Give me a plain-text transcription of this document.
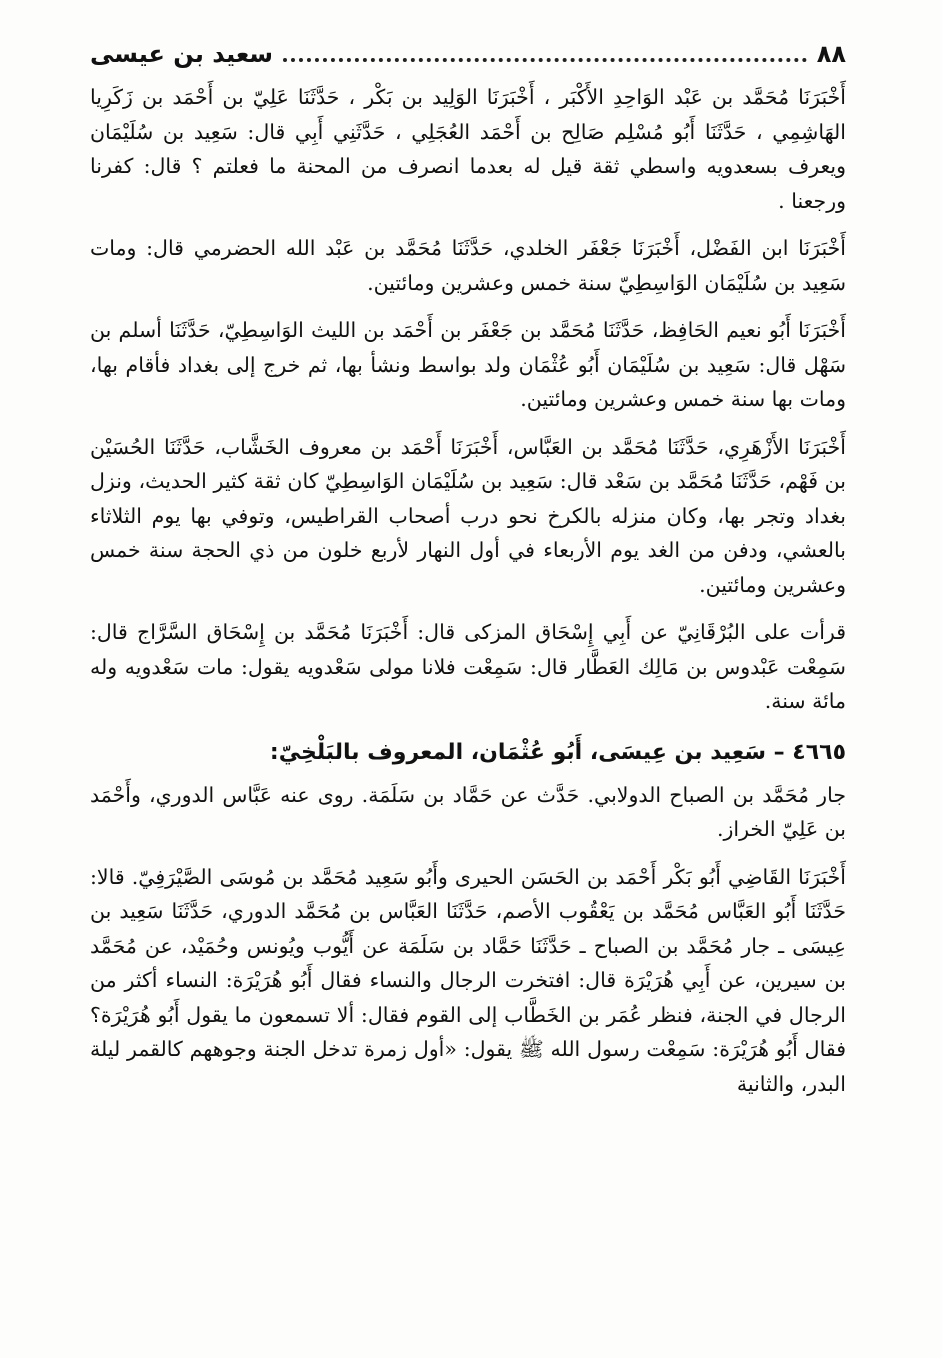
٨٨
سعيد بن عيسى

أَخْبَرَنَا مُحَمَّد بن عَبْد الوَاحِدِ الأَكْبَر ، أَخْبَرَنَا الوَلِيد بن بَكْر ، حَدَّثَنَا عَلِيّ بن أَحْمَد بن زَكَرِيا الهَاشِمِي ، حَدَّثَنَا أَبُو مُسْلِم صَالِح بن أَحْمَد العُجَلِي ، حَدَّثَنِي أَبِي قال: سَعِيد بن سُلَيْمَان ويعرف بسعدويه واسطي ثقة قيل له بعدما انصرف من المحنة ما فعلتم ؟ قال: كفرنا ورجعنا .

أَخْبَرَنَا ابن الفَضْل، أَخْبَرَنَا جَعْفَر الخلدي، حَدَّثَنَا مُحَمَّد بن عَبْد الله الحضرمي قال: ومات سَعِيد بن سُلَيْمَان الوَاسِطِيّ سنة خمس وعشرين ومائتين.

أَخْبَرَنَا أَبُو نعيم الحَافِظ، حَدَّثَنَا مُحَمَّد بن جَعْفَر بن أَحْمَد بن الليث الوَاسِطِيّ، حَدَّثَنَا أسلم بن سَهْل قال: سَعِيد بن سُلَيْمَان أَبُو عُثْمَان ولد بواسط ونشأ بها، ثم خرج إلى بغداد فأقام بها، ومات بها سنة خمس وعشرين ومائتين.

أَخْبَرَنَا الأَزْهَرِي، حَدَّثَنَا مُحَمَّد بن العَبَّاس، أَخْبَرَنَا أَحْمَد بن معروف الخَشَّاب، حَدَّثَنَا الحُسَيْن بن فَهْم، حَدَّثَنَا مُحَمَّد بن سَعْد قال: سَعِيد بن سُلَيْمَان الوَاسِطِيّ كان ثقة كثير الحديث، ونزل بغداد وتجر بها، وكان منزله بالكرخ نحو درب أصحاب القراطيس، وتوفي بها يوم الثلاثاء بالعشي، ودفن من الغد يوم الأربعاء في أول النهار لأربع خلون من ذي الحجة سنة خمس وعشرين ومائتين.

قرأت على البُرْقَانِيّ عن أَبِي إِسْحَاق المزكى قال: أَخْبَرَنَا مُحَمَّد بن إِسْحَاق السَّرَّاج قال: سَمِعْت عَبْدوس بن مَالِك العَطَّار قال: سَمِعْت فلانا مولى سَعْدويه يقول: مات سَعْدويه وله مائة سنة.

٤٦٦٥ – سَعِيد بن عِيسَى، أَبُو عُثْمَان، المعروف بالبَلْخِيّ:

جار مُحَمَّد بن الصباح الدولابي. حَدَّث عن حَمَّاد بن سَلَمَة. روى عنه عَبَّاس الدوري، وأَحْمَد بن عَلِيّ الخراز.

أَخْبَرَنَا القَاضِي أَبُو بَكْر أَحْمَد بن الحَسَن الحيرى وأَبُو سَعِيد مُحَمَّد بن مُوسَى الصَّيْرَفِيّ. قالا: حَدَّثَنَا أَبُو العَبَّاس مُحَمَّد بن يَعْقُوب الأصم، حَدَّثَنَا العَبَّاس بن مُحَمَّد الدوري، حَدَّثَنَا سَعِيد بن عِيسَى ـ جار مُحَمَّد بن الصباح ـ حَدَّثَنَا حَمَّاد بن سَلَمَة عن أَيُّوب ويُونس وحُمَيْد، عن مُحَمَّد بن سيرين، عن أَبِي هُرَيْرَة قال: افتخرت الرجال والنساء فقال أَبُو هُرَيْرَة: النساء أكثر من الرجال في الجنة، فنظر عُمَر بن الخَطَّاب إلى القوم فقال: ألا تسمعون ما يقول أَبُو هُرَيْرَة؟ فقال أَبُو هُرَيْرَة: سَمِعْت رسول الله ﷺ يقول: «أول زمرة تدخل الجنة وجوههم كالقمر ليلة البدر، والثانية
